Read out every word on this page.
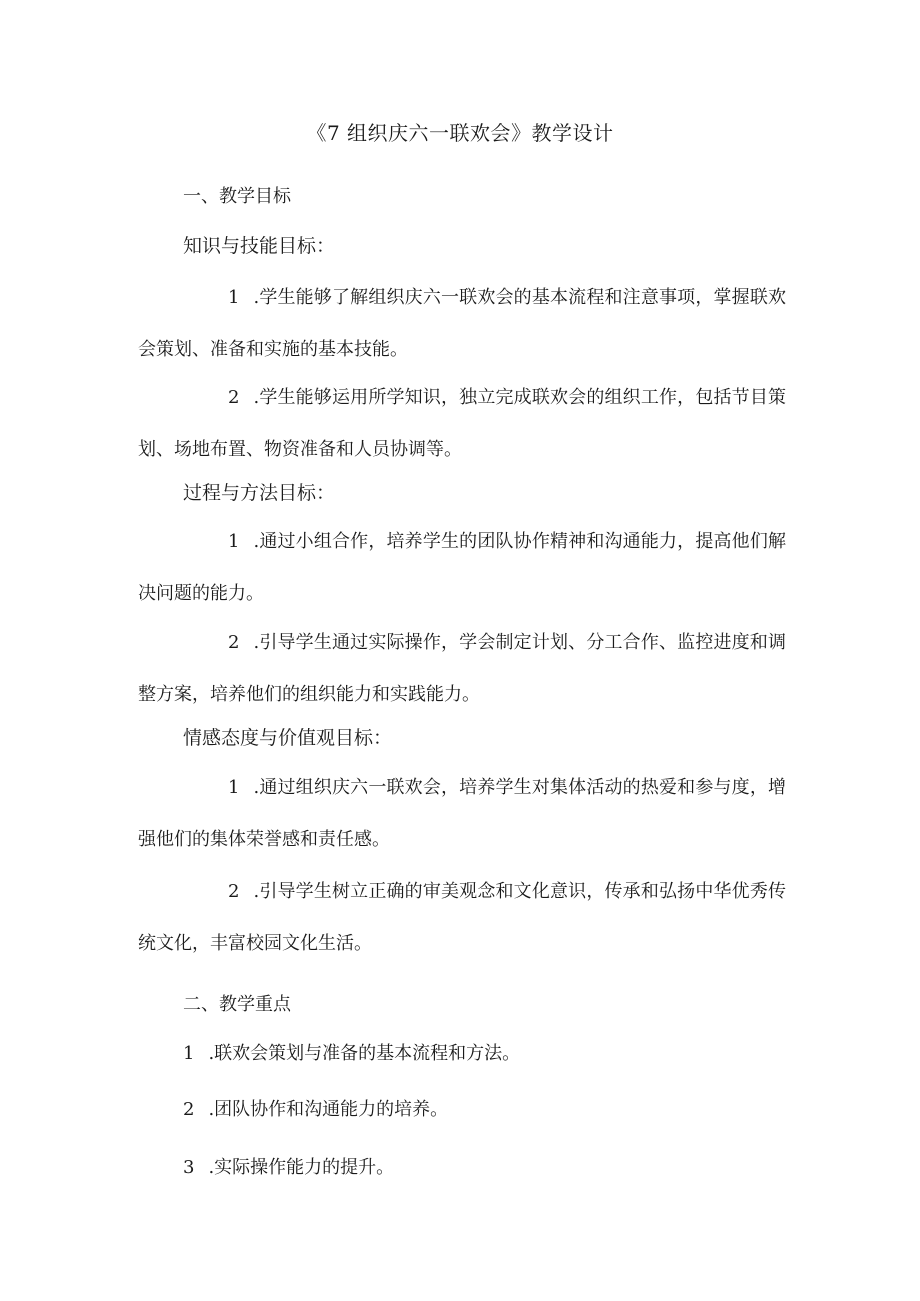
《7 组织庆六一联欢会》教学设计
一、教学目标
知识与技能目标：
1 .学生能够了解组织庆六一联欢会的基本流程和注意事项，掌握联欢会策划、准备和实施的基本技能。
2 .学生能够运用所学知识，独立完成联欢会的组织工作，包括节目策划、场地布置、物资准备和人员协调等。
过程与方法目标：
1 .通过小组合作，培养学生的团队协作精神和沟通能力，提高他们解决问题的能力。
2 .引导学生通过实际操作，学会制定计划、分工合作、监控进度和调整方案，培养他们的组织能力和实践能力。
情感态度与价值观目标：
1 .通过组织庆六一联欢会，培养学生对集体活动的热爱和参与度，增强他们的集体荣誉感和责任感。
2 .引导学生树立正确的审美观念和文化意识，传承和弘扬中华优秀传统文化，丰富校园文化生活。
二、教学重点
1 .联欢会策划与准备的基本流程和方法。
2 .团队协作和沟通能力的培养。
3 .实际操作能力的提升。
